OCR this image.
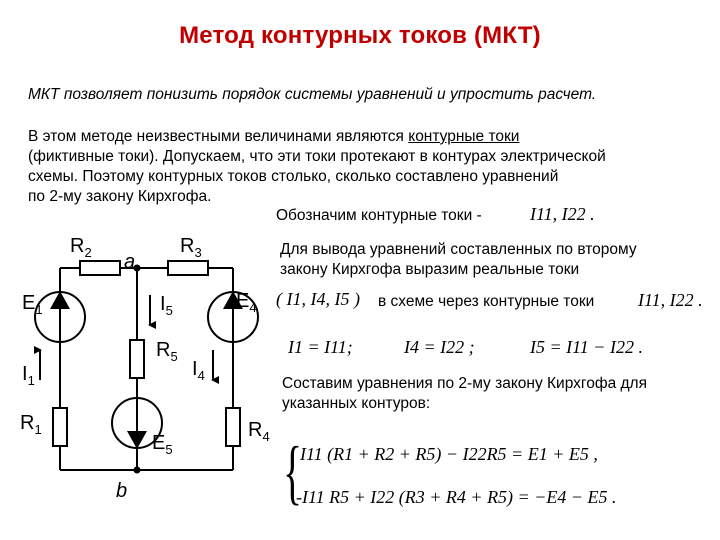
Метод контурных токов (МКТ)
МКТ позволяет понизить порядок системы уравнений и упростить расчет.
В этом методе неизвестными величинами являются контурные токи
(фиктивные токи). Допускаем, что эти токи протекают в контурах электрической
схемы. Поэтому контурных токов столько, сколько составлено уравнений
по 2-му закону Кирхгофа.
Обозначим контурные токи -	I11, I22 .
Для вывода уравнений составленных по второму
закону Кирхгофа выразим реальные токи
( I1, I4, I5 ) в схеме через контурные токи I11, I22 .
I1 = I11;	I4 = I22 ;	I5 = I11 − I22 .
Составим уравнения по 2-му закону Кирхгофа для
указанных контуров:
{
I11 (R1 + R2 + R5) − I22R5 = E1 + E5 ,
-I11 R5 + I22 (R3 + R4 + R5) = −E4 − E5 .
$R_2$	$R_3$
a
$E_1$	$E_4$
$I_5$
$R_5$
$I_1$
$I_4$
$R_1$	$R_4$
$E_5$
b
